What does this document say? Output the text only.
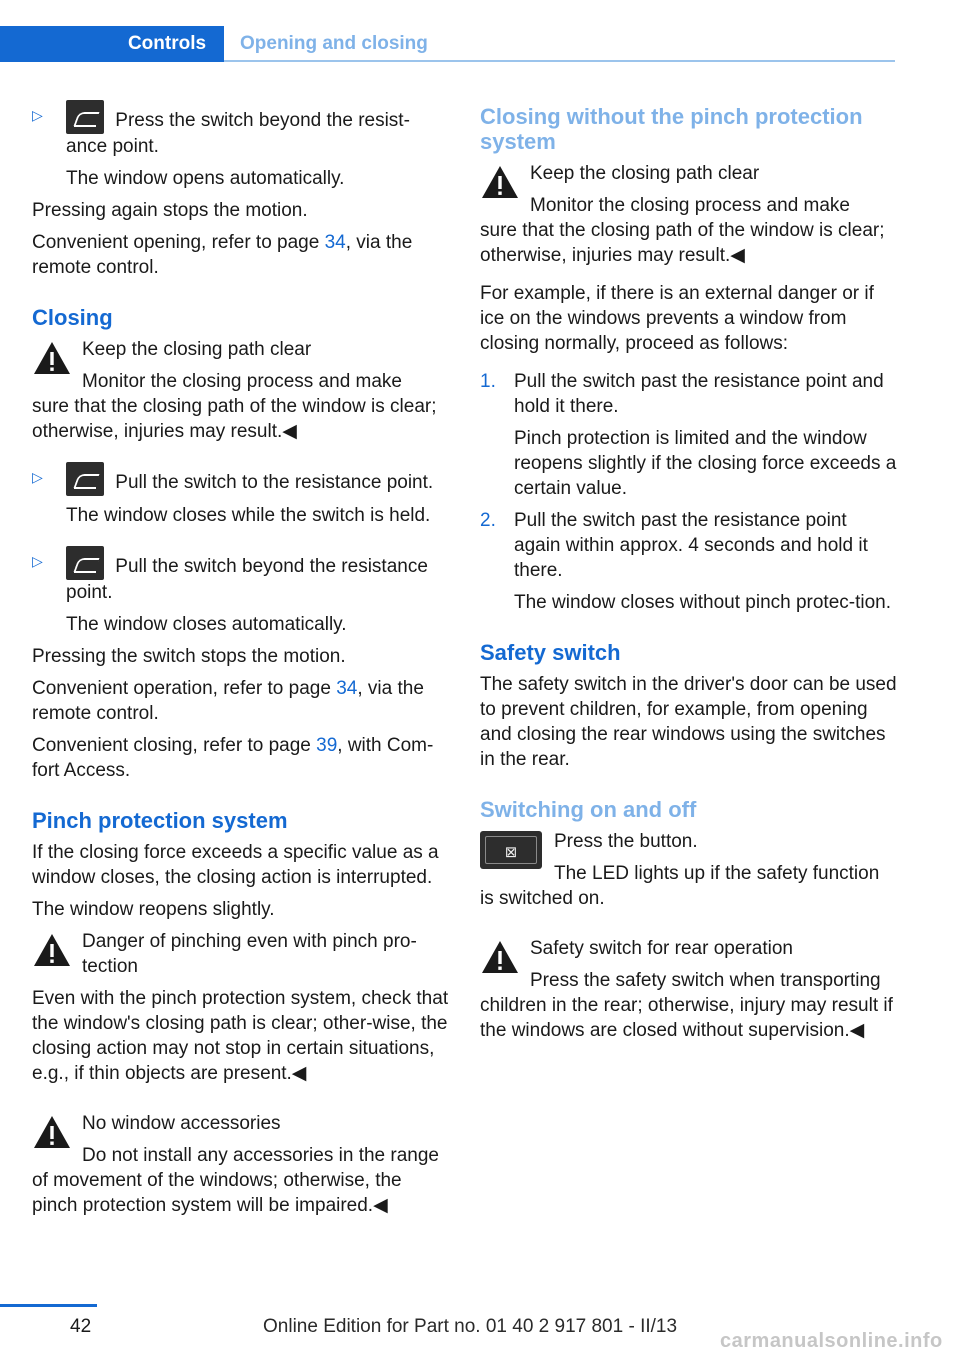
Controls Opening and closing
▷	Press the switch beyond the resist-
ance point.

The window opens automatically.

Pressing again stops the motion.

Convenient opening, refer to page 34, via the remote control.

Closing
Keep the closing path clear

Monitor the closing process and make

sure that the closing path of the window is clear; otherwise, injuries may result.◀

▷	Pull the switch to the resistance point.

The window closes while the switch is held.

▷	Pull the switch beyond the resistance
point.

The window closes automatically.

Pressing the switch stops the motion.

Convenient operation, refer to page 34, via the remote control.

Convenient closing, refer to page 39, with Com-fort Access.

Pinch protection system

If the closing force exceeds a specific value as a window closes, the closing action is interrupted.

The window reopens slightly.

Danger of pinching even with pinch pro-tection

Even with the pinch protection system, check that the window's closing path is clear; other-wise, the closing action may not stop in certain situations, e.g., if thin objects are present.◀

No window accessories

Do not install any accessories in the range

of movement of the windows; otherwise, the pinch protection system will be impaired.◀

Closing without the pinch protection system
Keep the closing path clear

Monitor the closing process and make

sure that the closing path of the window is clear; otherwise, injuries may result.◀

For example, if there is an external danger or if ice on the windows prevents a window from closing normally, proceed as follows:

1. Pull the switch past the resistance point and hold it there.

Pinch protection is limited and the window reopens slightly if the closing force exceeds a certain value.

2. Pull the switch past the resistance point again within approx. 4 seconds and hold it there.

The window closes without pinch protec-tion.

Safety switch

The safety switch in the driver's door can be used to prevent children, for example, from opening and closing the rear windows using the switches in the rear.

Switching on and off
⊠
Press the button.

The LED lights up if the safety function

is switched on.

Safety switch for rear operation

Press the safety switch when transporting

children in the rear; otherwise, injury may result if the windows are closed without supervision.◀

42	Online Edition for Part no. 01 40 2 917 801 - II/13
carmanualsonline.info
